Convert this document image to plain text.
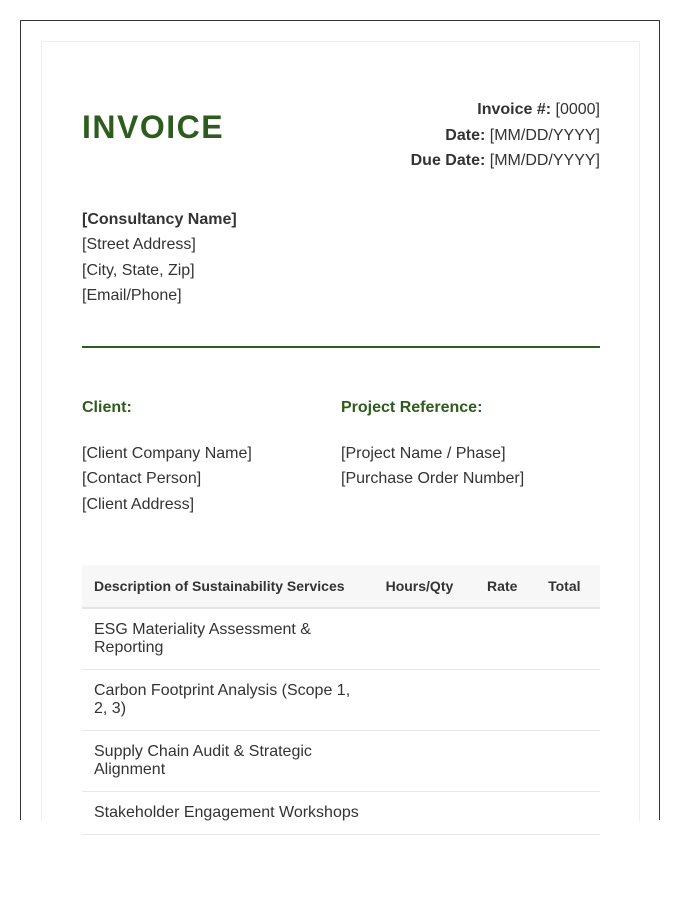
INVOICE	Invoice #: [0000]
Date: [MM/DD/YYYY]
Due Date: [MM/DD/YYYY]
[Consultancy Name]
[Street Address]
[City, State, Zip]
[Email/Phone]
Client:
[Client Company Name]
[Contact Person]
[Client Address]
Project Reference:
[Project Name / Phase]
[Purchase Order Number]
Description of Sustainability Services	Hours/Qty	Rate	Total
ESG Materiality Assessment & Reporting			
Carbon Footprint Analysis (Scope 1, 2, 3)			
Supply Chain Audit & Strategic Alignment			
Stakeholder Engagement Workshops			
